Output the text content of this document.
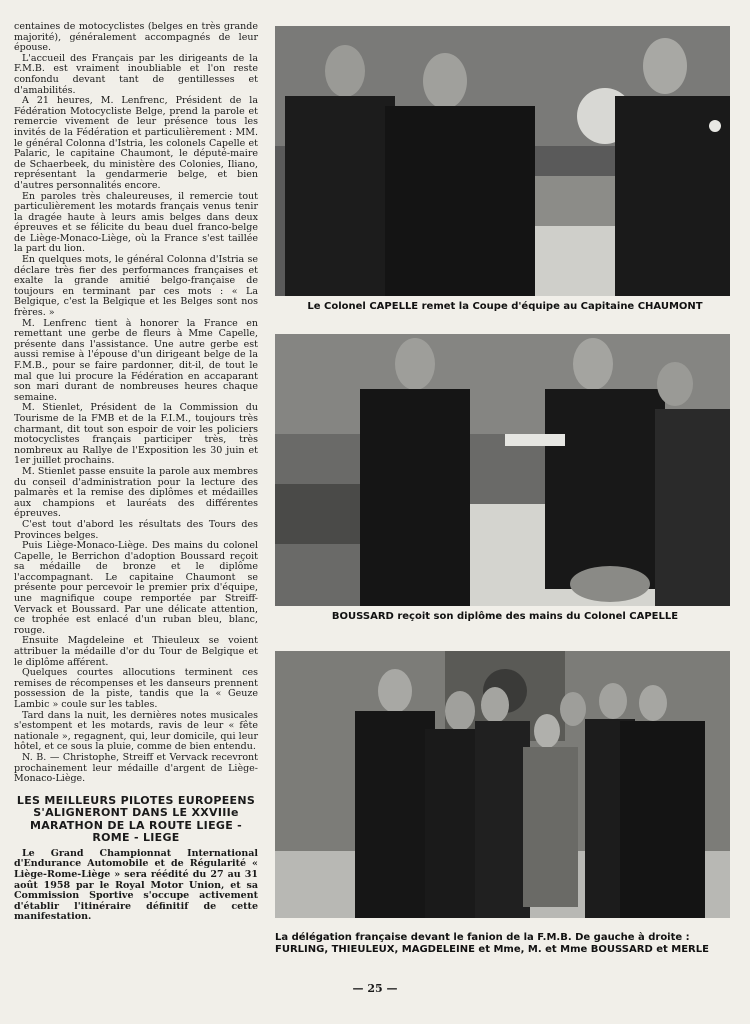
centaines de motocyclistes (belges en très grande majorité), généralement accompagnés de leur épouse.

L'accueil des Français par les dirigeants de la F.M.B. est vraiment inoubliable et l'on reste confondu devant tant de gentillesses et d'amabilités.

A 21 heures, M. Lenfrenc, Président de la Fédération Motocycliste Belge, prend la parole et remercie vivement de leur présence tous les invités de la Fédération et particulièrement : MM. le général Colonna d'Istria, les colonels Capelle et Palaric, le capitaine Chaumont, le député-maire de Schaerbeek, du ministère des Colonies, Iliano, représentant la gendarmerie belge, et bien d'autres personnalités encore.

En paroles très chaleureuses, il remercie tout particulièrement les motards français venus tenir la dragée haute à leurs amis belges dans deux épreuves et se félicite du beau duel franco-belge de Liège-Monaco-Liège, où la France s'est taillée la part du lion.

En quelques mots, le général Colonna d'Istria se déclare très fier des performances françaises et exalte la grande amitié belgo-française de toujours en terminant par ces mots : « La Belgique, c'est la Belgique et les Belges sont nos frères. »

M. Lenfrenc tient à honorer la France en remettant une gerbe de fleurs à Mme Capelle, présente dans l'assistance. Une autre gerbe est aussi remise à l'épouse d'un dirigeant belge de la F.M.B., pour se faire pardonner, dit-il, de tout le mal que lui procure la Fédération en accaparant son mari durant de nombreuses heures chaque semaine.

M. Stienlet, Président de la Commission du Tourisme de la FMB et de la F.I.M., toujours très charmant, dit tout son espoir de voir les policiers motocyclistes français participer très, très nombreux au Rallye de l'Exposition les 30 juin et 1er juillet prochains.

M. Stienlet passe ensuite la parole aux membres du conseil d'administration pour la lecture des palmarès et la remise des diplômes et médailles aux champions et lauréats des différentes épreuves.

C'est tout d'abord les résultats des Tours des Provinces belges.

Puis Liège-Monaco-Liège. Des mains du colonel Capelle, le Berrichon d'adoption Boussard reçoit sa médaille de bronze et le diplôme l'accompagnant. Le capitaine Chaumont se présente pour percevoir le premier prix d'équipe, une magnifique coupe remportée par Streiff-Vervack et Boussard. Par une délicate attention, ce trophée est enlacé d'un ruban bleu, blanc, rouge.

Ensuite Magdeleine et Thieuleux se voient attribuer la médaille d'or du Tour de Belgique et le diplôme afférent.

Quelques courtes allocutions terminent ces remises de récompenses et les danseurs prennent possession de la piste, tandis que la « Geuze Lambic » coule sur les tables.

Tard dans la nuit, les dernières notes musicales s'estompent et les motards, ravis de leur « fête nationale », regagnent, qui, leur domicile, qui leur hôtel, et ce sous la pluie, comme de bien entendu.

N. B. — Christophe, Streiff et Vervack recevront prochainement leur médaille d'argent de Liège-Monaco-Liège.

LES MEILLEURS PILOTES EUROPEENS S'ALIGNERONT DANS LE XXVIIIe MARATHON DE LA ROUTE LIEGE - ROME - LIEGE

Le Grand Championnat International d'Endurance Automobile et de Régularité « Liège-Rome-Liège » sera réédité du 27 au 31 août 1958 par le Royal Motor Union, et sa Commission Sportive s'occupe activement d'établir l'itinéraire définitif de cette manifestation.

Le Colonel CAPELLE remet la Coupe d'équipe au Capitaine CHAUMONT
BOUSSARD reçoit son diplôme des mains du Colonel CAPELLE
La délégation française devant le fanion de la F.M.B. De gauche à droite : FURLING, THIEULEUX, MAGDELEINE et Mme, M. et Mme BOUSSARD et MERLE
— 25 —
